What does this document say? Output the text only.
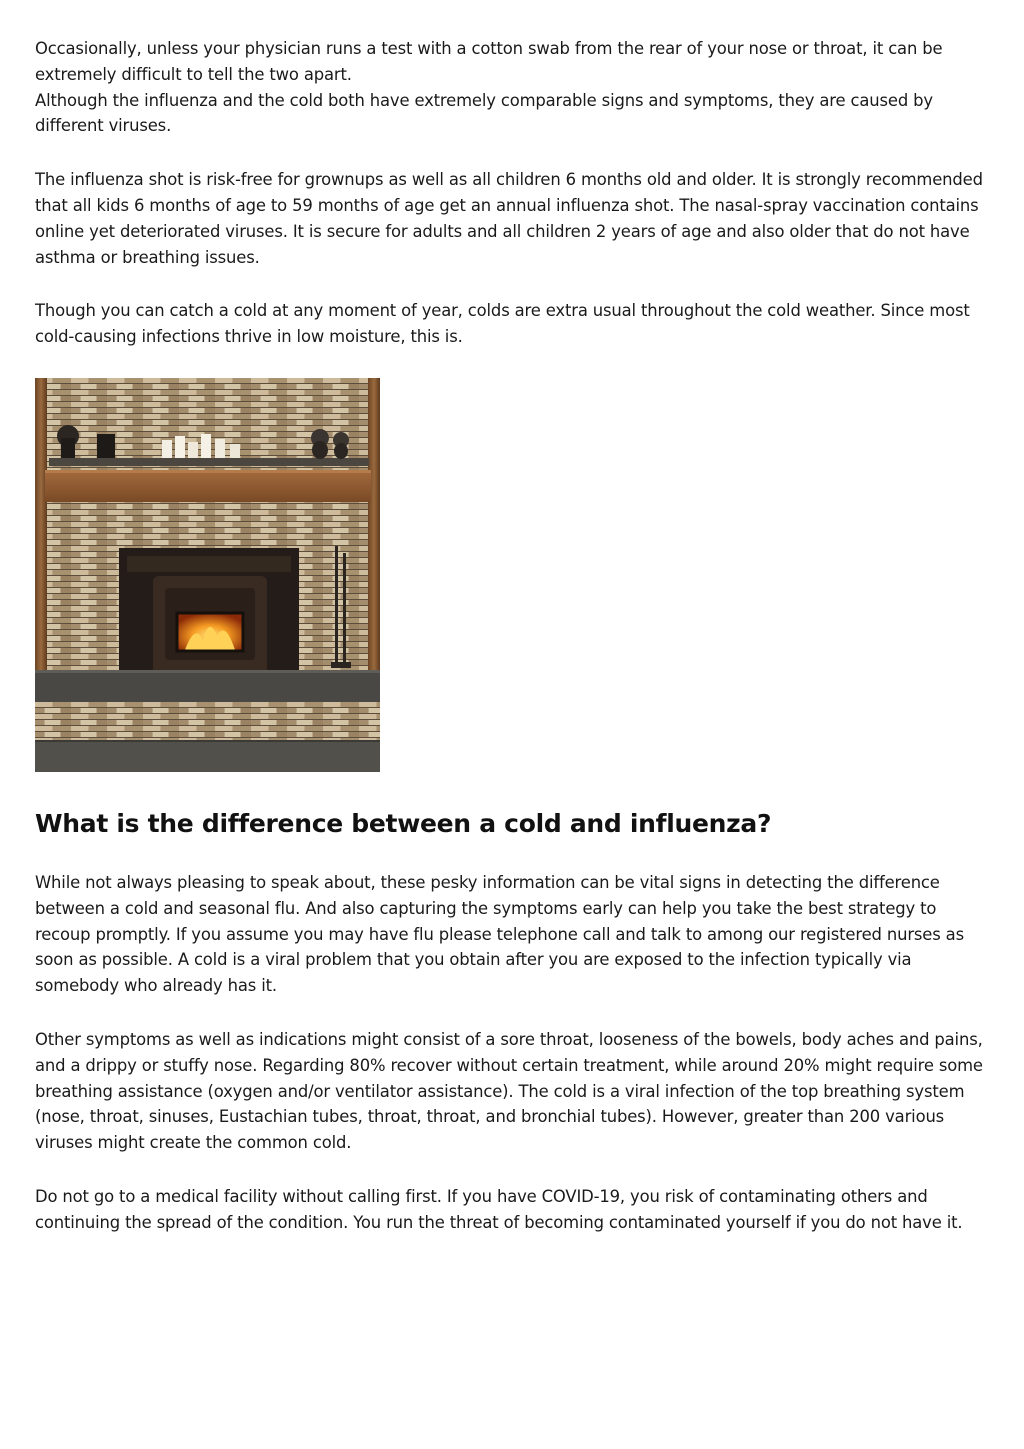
Occasionally, unless your physician runs a test with a cotton swab from the rear of your nose or throat, it can be extremely difficult to tell the two apart.

Although the influenza and the cold both have extremely comparable signs and symptoms, they are caused by different viruses.

The influenza shot is risk-free for grownups as well as all children 6 months old and older. It is strongly recommended that all kids 6 months of age to 59 months of age get an annual influenza shot. The nasal-spray vaccination contains online yet deteriorated viruses. It is secure for adults and all children 2 years of age and also older that do not have asthma or breathing issues.

Though you can catch a cold at any moment of year, colds are extra usual throughout the cold weather. Since most cold-causing infections thrive in low moisture, this is.

What is the difference between a cold and influenza?

While not always pleasing to speak about, these pesky information can be vital signs in detecting the difference between a cold and seasonal flu. And also capturing the symptoms early can help you take the best strategy to recoup promptly. If you assume you may have flu please telephone call and talk to among our registered nurses as soon as possible. A cold is a viral problem that you obtain after you are exposed to the infection typically via somebody who already has it.

Other symptoms as well as indications might consist of a sore throat, looseness of the bowels, body aches and pains, and a drippy or stuffy nose. Regarding 80% recover without certain treatment, while around 20% might require some breathing assistance (oxygen and/or ventilator assistance). The cold is a viral infection of the top breathing system (nose, throat, sinuses, Eustachian tubes, throat, throat, and bronchial tubes). However, greater than 200 various viruses might create the common cold.

Do not go to a medical facility without calling first. If you have COVID-19, you risk of contaminating others and continuing the spread of the condition. You run the threat of becoming contaminated yourself if you do not have it.
